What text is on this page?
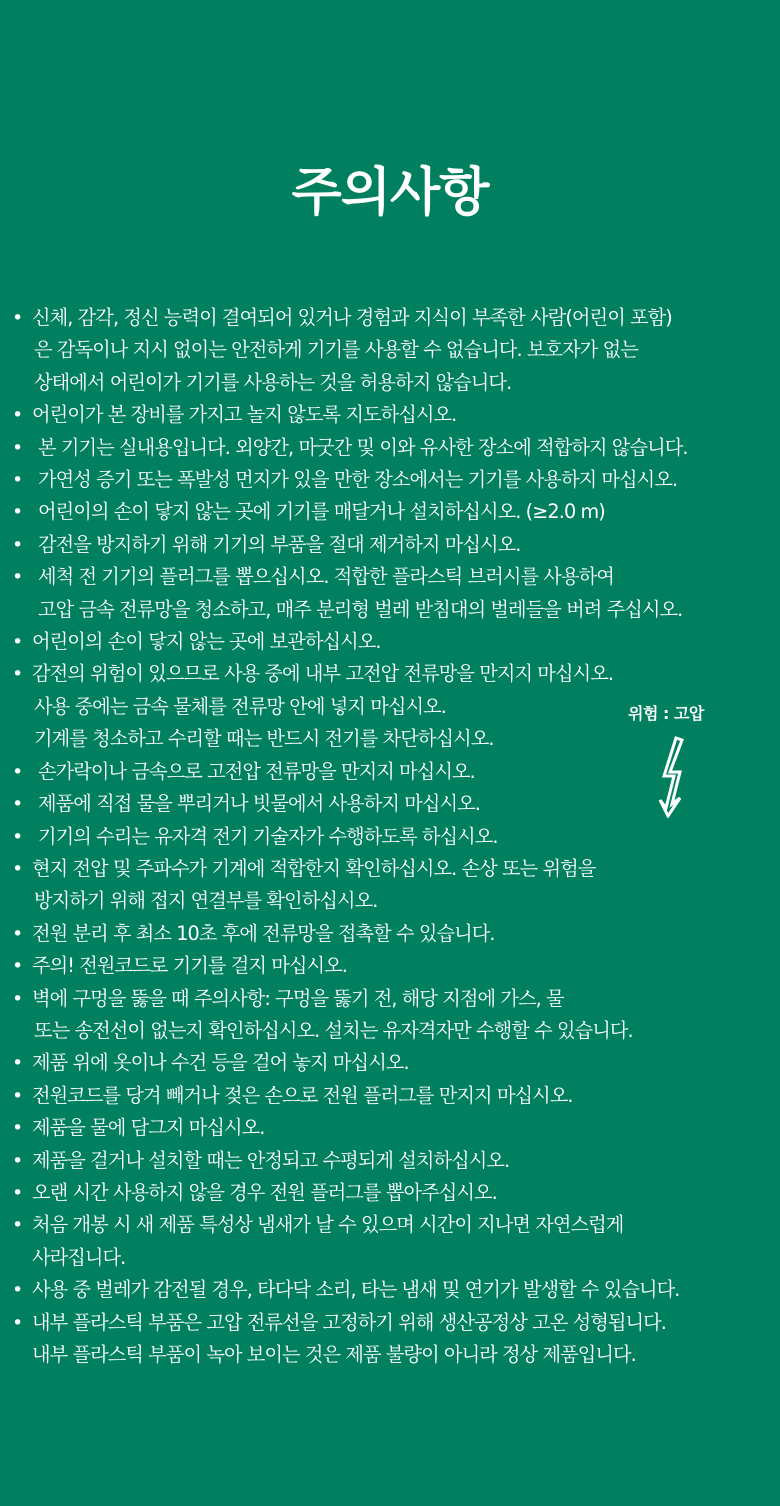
주의사항
• 신체, 감각, 정신 능력이 결여되어 있거나 경험과 지식이 부족한 사람(어린이 포함)
은 감독이나 지시 없이는 안전하게 기기를 사용할 수 없습니다. 보호자가 없는
상태에서 어린이가 기기를 사용하는 것을 허용하지 않습니다.
• 어린이가 본 장비를 가지고 놀지 않도록 지도하십시오.
• 본 기기는 실내용입니다. 외양간, 마굿간 및 이와 유사한 장소에 적합하지 않습니다.
• 가연성 증기 또는 폭발성 먼지가 있을 만한 장소에서는 기기를 사용하지 마십시오.
• 어린이의 손이 닿지 않는 곳에 기기를 매달거나 설치하십시오. (≥2.0 m)
• 감전을 방지하기 위해 기기의 부품을 절대 제거하지 마십시오.
• 세척 전 기기의 플러그를 뽑으십시오. 적합한 플라스틱 브러시를 사용하여
고압 금속 전류망을 청소하고, 매주 분리형 벌레 받침대의 벌레들을 버려 주십시오.
• 어린이의 손이 닿지 않는 곳에 보관하십시오.
• 감전의 위험이 있으므로 사용 중에 내부 고전압 전류망을 만지지 마십시오.
사용 중에는 금속 물체를 전류망 안에 넣지 마십시오.
기계를 청소하고 수리할 때는 반드시 전기를 차단하십시오.
• 손가락이나 금속으로 고전압 전류망을 만지지 마십시오.
• 제품에 직접 물을 뿌리거나 빗물에서 사용하지 마십시오.
• 기기의 수리는 유자격 전기 기술자가 수행하도록 하십시오.
• 현지 전압 및 주파수가 기계에 적합한지 확인하십시오. 손상 또는 위험을
방지하기 위해 접지 연결부를 확인하십시오.
• 전원 분리 후 최소 10초 후에 전류망을 접촉할 수 있습니다.
• 주의! 전원코드로 기기를 걸지 마십시오.
• 벽에 구멍을 뚫을 때 주의사항: 구멍을 뚫기 전, 해당 지점에 가스, 물
또는 송전선이 없는지 확인하십시오. 설치는 유자격자만 수행할 수 있습니다.
• 제품 위에 옷이나 수건 등을 걸어 놓지 마십시오.
• 전원코드를 당겨 빼거나 젖은 손으로 전원 플러그를 만지지 마십시오.
• 제품을 물에 담그지 마십시오.
• 제품을 걸거나 설치할 때는 안정되고 수평되게 설치하십시오.
• 오랜 시간 사용하지 않을 경우 전원 플러그를 뽑아주십시오.
• 처음 개봉 시 새 제품 특성상 냄새가 날 수 있으며 시간이 지나면 자연스럽게
사라집니다.
• 사용 중 벌레가 감전될 경우, 타다닥 소리, 타는 냄새 및 연기가 발생할 수 있습니다.
• 내부 플라스틱 부품은 고압 전류선을 고정하기 위해 생산공정상 고온 성형됩니다.
내부 플라스틱 부품이 녹아 보이는 것은 제품 불량이 아니라 정상 제품입니다.
위험 : 고압
